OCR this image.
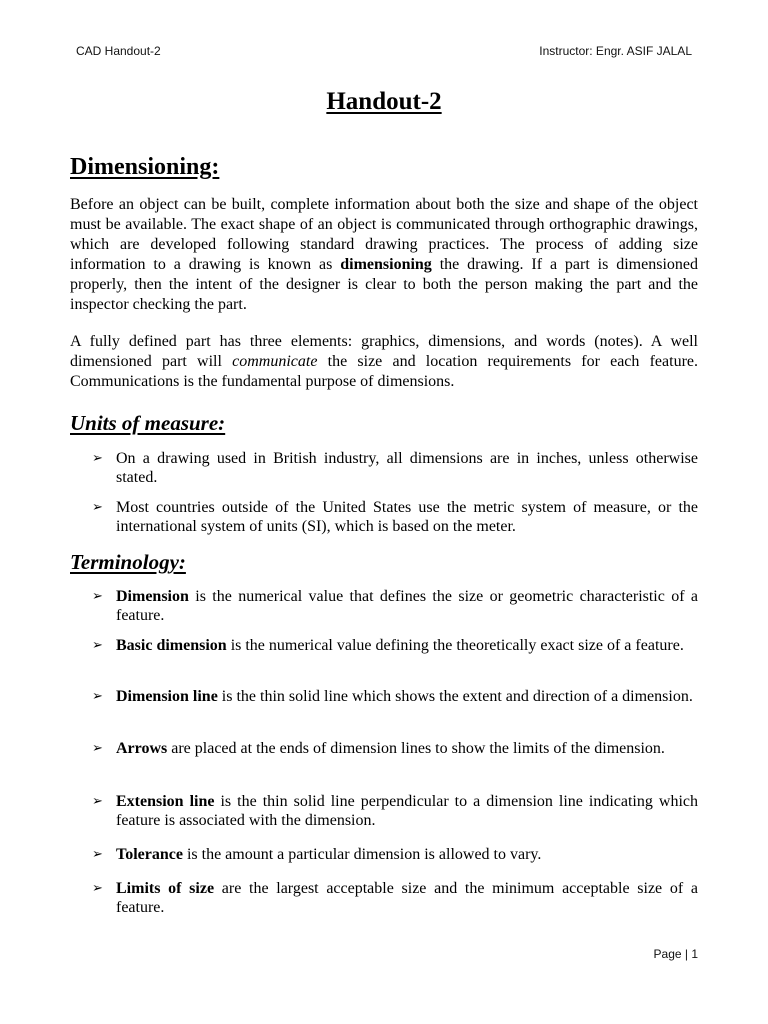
CAD Handout-2	Instructor: Engr. ASIF JALAL
Handout-2
Dimensioning:

Before an object can be built, complete information about both the size and shape of the object must be available. The exact shape of an object is communicated through orthographic drawings, which are developed following standard drawing practices. The process of adding size information to a drawing is known as dimensioning the drawing. If a part is dimensioned properly, then the intent of the designer is clear to both the person making the part and the inspector checking the part.

A fully defined part has three elements: graphics, dimensions, and words (notes). A well dimensioned part will communicate the size and location requirements for each feature. Communications is the fundamental purpose of dimensions.

Units of measure:
➢ On a drawing used in British industry, all dimensions are in inches, unless otherwise stated.
➢ Most countries outside of the United States use the metric system of measure, or the international system of units (SI), which is based on the meter.
Terminology:
➢ Dimension is the numerical value that defines the size or geometric characteristic of a feature.
➢ Basic dimension is the numerical value defining the theoretically exact size of a feature.
➢ Dimension line is the thin solid line which shows the extent and direction of a dimension.
➢ Arrows are placed at the ends of dimension lines to show the limits of the dimension.
➢ Extension line is the thin solid line perpendicular to a dimension line indicating which feature is associated with the dimension.
➢ Tolerance is the amount a particular dimension is allowed to vary.
➢ Limits of size are the largest acceptable size and the minimum acceptable size of a feature.
Page | 1
